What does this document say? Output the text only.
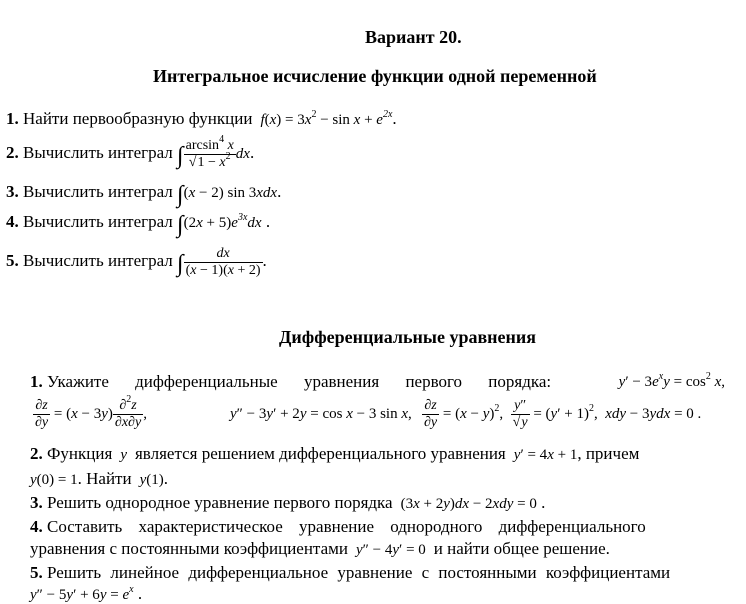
Вариант 20.
Интегральное исчисление функции одной переменной
1. Найти первообразную функции  $f(x) = 3x^2 - \sin x + e^{2x}$.
2. Вычислить интеграл ∫ $\frac{\arcsin^4 x}{√1 - x^2}$ dx.
3. Вычислить интеграл ∫(x − 2) sin 3xdx.
4. Вычислить интеграл $\int(2x + 5)e^{3x}dx$ .
5. Вычислить интеграл ∫ $\frac{dx}{(x - 1)(x + 2)}$ .
Дифференциальные уравнения
1. Укажите дифференциальные уравнения первого порядка:	$y' - 3e^xy = \cos^2 x$,
$\frac{\partial z}{\partial y} = (x - 3y) \frac{\partial^2z}{\partial x\partial y}$ ,	y″ − 3y′ + 2y = cos x − 3 sin x, $\frac{\partial z}{\partial y} = (x - y)^2$, $\frac{y''}{√y} = (y' + 1)^2$,  xdy − 3ydx = 0 .
2. Функция  y  является решением дифференциального уравнения  y′ = 4x + 1, причем
y(0) = 1. Найти  y(1).
3. Решить однородное уравнение первого порядка (3x + 2y)dx − 2xdy = 0 .
4. Составить характеристическое уравнение однородного дифференциального
уравнения с постоянными коэффициентами  y″ − 4y′ = 0 и найти общее решение.
5. Решить линейное дифференциальное уравнение с постоянными коэффициентами
$y'' - 5y' + 6y = e^x$ .
